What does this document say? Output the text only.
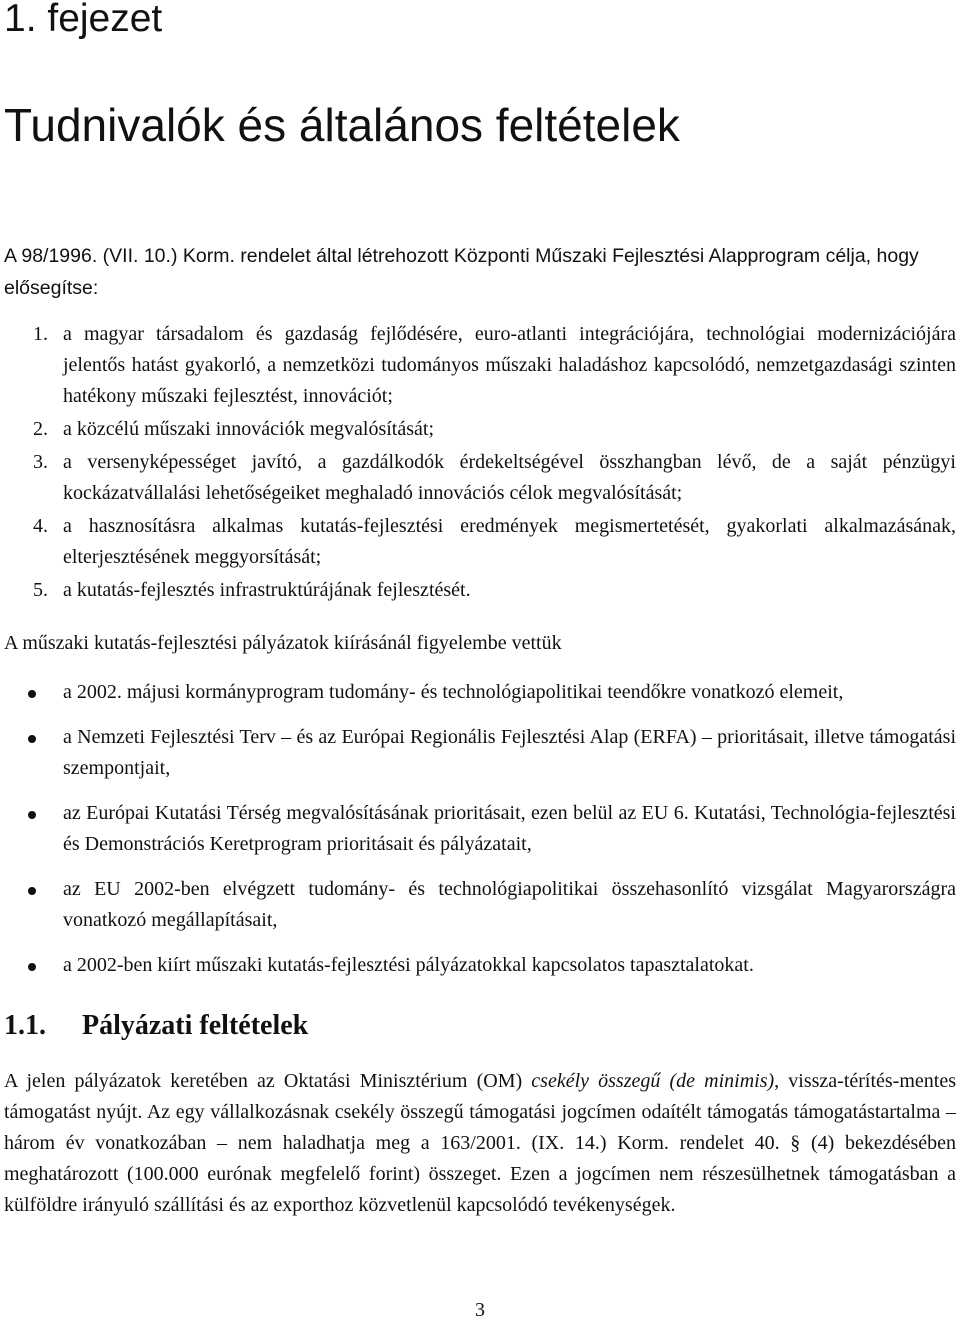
1. fejezet
Tudnivalók és általános feltételek

A 98/1996. (VII. 10.) Korm. rendelet által létrehozott Központi Műszaki Fejlesztési Alapprogram célja, hogy elősegítse:

1. a magyar társadalom és gazdaság fejlődésére, euro-atlanti integrációjára, technológiai modernizációjára jelentős hatást gyakorló, a nemzetközi tudományos műszaki haladáshoz kapcsolódó, nemzetgazdasági szinten hatékony műszaki fejlesztést, innovációt;
2. a közcélú műszaki innovációk megvalósítását;
3. a versenyképességet javító, a gazdálkodók érdekeltségével összhangban lévő, de a saját pénzügyi kockázatvállalási lehetőségeiket meghaladó innovációs célok megvalósítását;
4. a hasznosításra alkalmas kutatás-fejlesztési eredmények megismertetését, gyakorlati alkalmazásának, elterjesztésének meggyorsítását;
5. a kutatás-fejlesztés infrastruktúrájának fejlesztését.

A műszaki kutatás-fejlesztési pályázatok kiírásánál figyelembe vettük

a 2002. májusi kormányprogram tudomány- és technológiapolitikai teendőkre vonatkozó elemeit,
a Nemzeti Fejlesztési Terv – és az Európai Regionális Fejlesztési Alap (ERFA) – prioritásait, illetve támogatási szempontjait,
az Európai Kutatási Térség megvalósításának prioritásait, ezen belül az EU 6. Kutatási, Technológia-fejlesztési és Demonstrációs Keretprogram prioritásait és pályázatait,
az EU 2002-ben elvégzett tudomány- és technológiapolitikai összehasonlító vizsgálat Magyarországra vonatkozó megállapításait,
a 2002-ben kiírt műszaki kutatás-fejlesztési pályázatokkal kapcsolatos tapasztalatokat.
1.1. Pályázati feltételek

A jelen pályázatok keretében az Oktatási Minisztérium (OM) csekély összegű (de minimis), vissza-térítés-mentes támogatást nyújt. Az egy vállalkozásnak csekély összegű támogatási jogcímen odaítélt támogatás támogatástartalma – három év vonatkozában – nem haladhatja meg a 163/2001. (IX. 14.) Korm. rendelet 40. § (4) bekezdésében meghatározott (100.000 eurónak megfelelő forint) összeget. Ezen a jogcímen nem részesülhetnek támogatásban a külföldre irányuló szállítási és az exporthoz közvetlenül kapcsolódó tevékenységek.

3
